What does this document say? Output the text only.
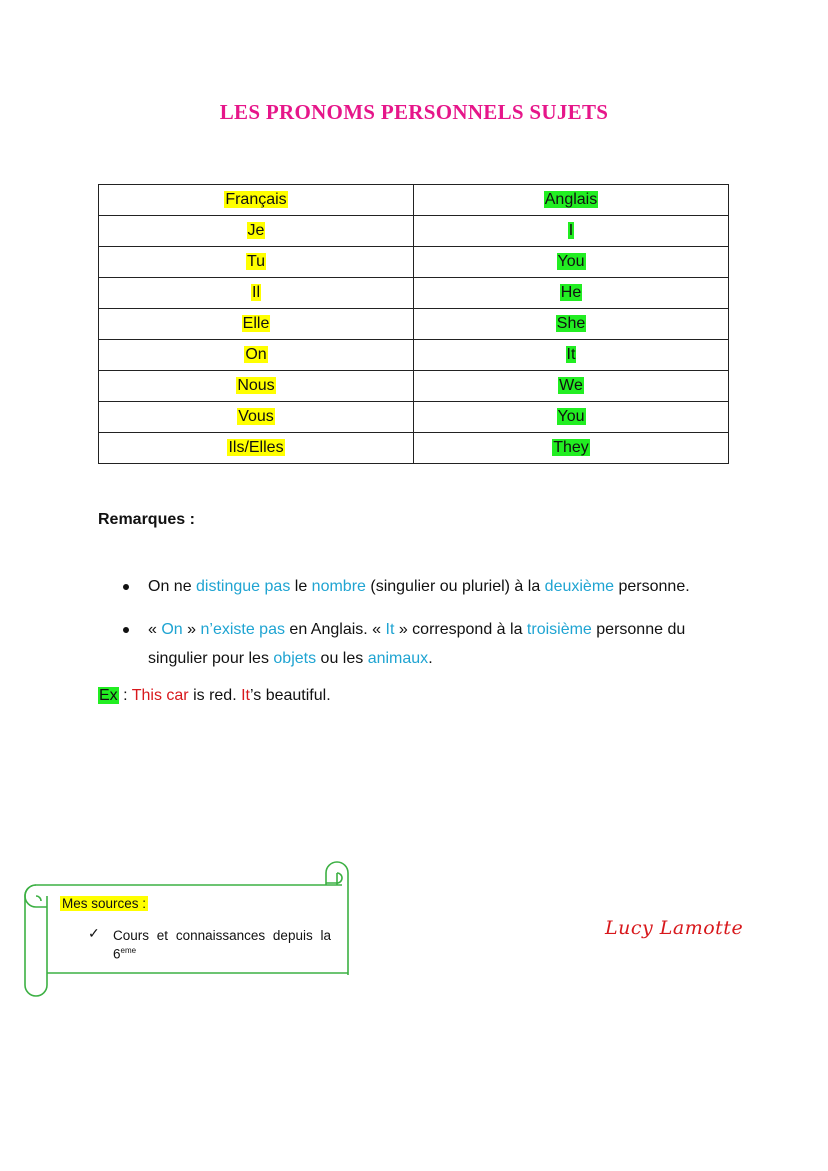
LES PRONOMS PERSONNELS SUJETS
Français	Anglais
Je	I
Tu	You
Il	He
Elle	She
On	It
Nous	We
Vous	You
Ils/Elles	They
Remarques :
On ne distingue pas le nombre (singulier ou pluriel) à la deuxième personne.
« On » n’existe pas en Anglais. « It » correspond à la troisième personne du
singulier pour les objets ou les animaux.
Ex : This car is red. It’s beautiful.
Mes sources :
✓ Cours et connaissances depuis la
6eme
Lucy Lamotte
